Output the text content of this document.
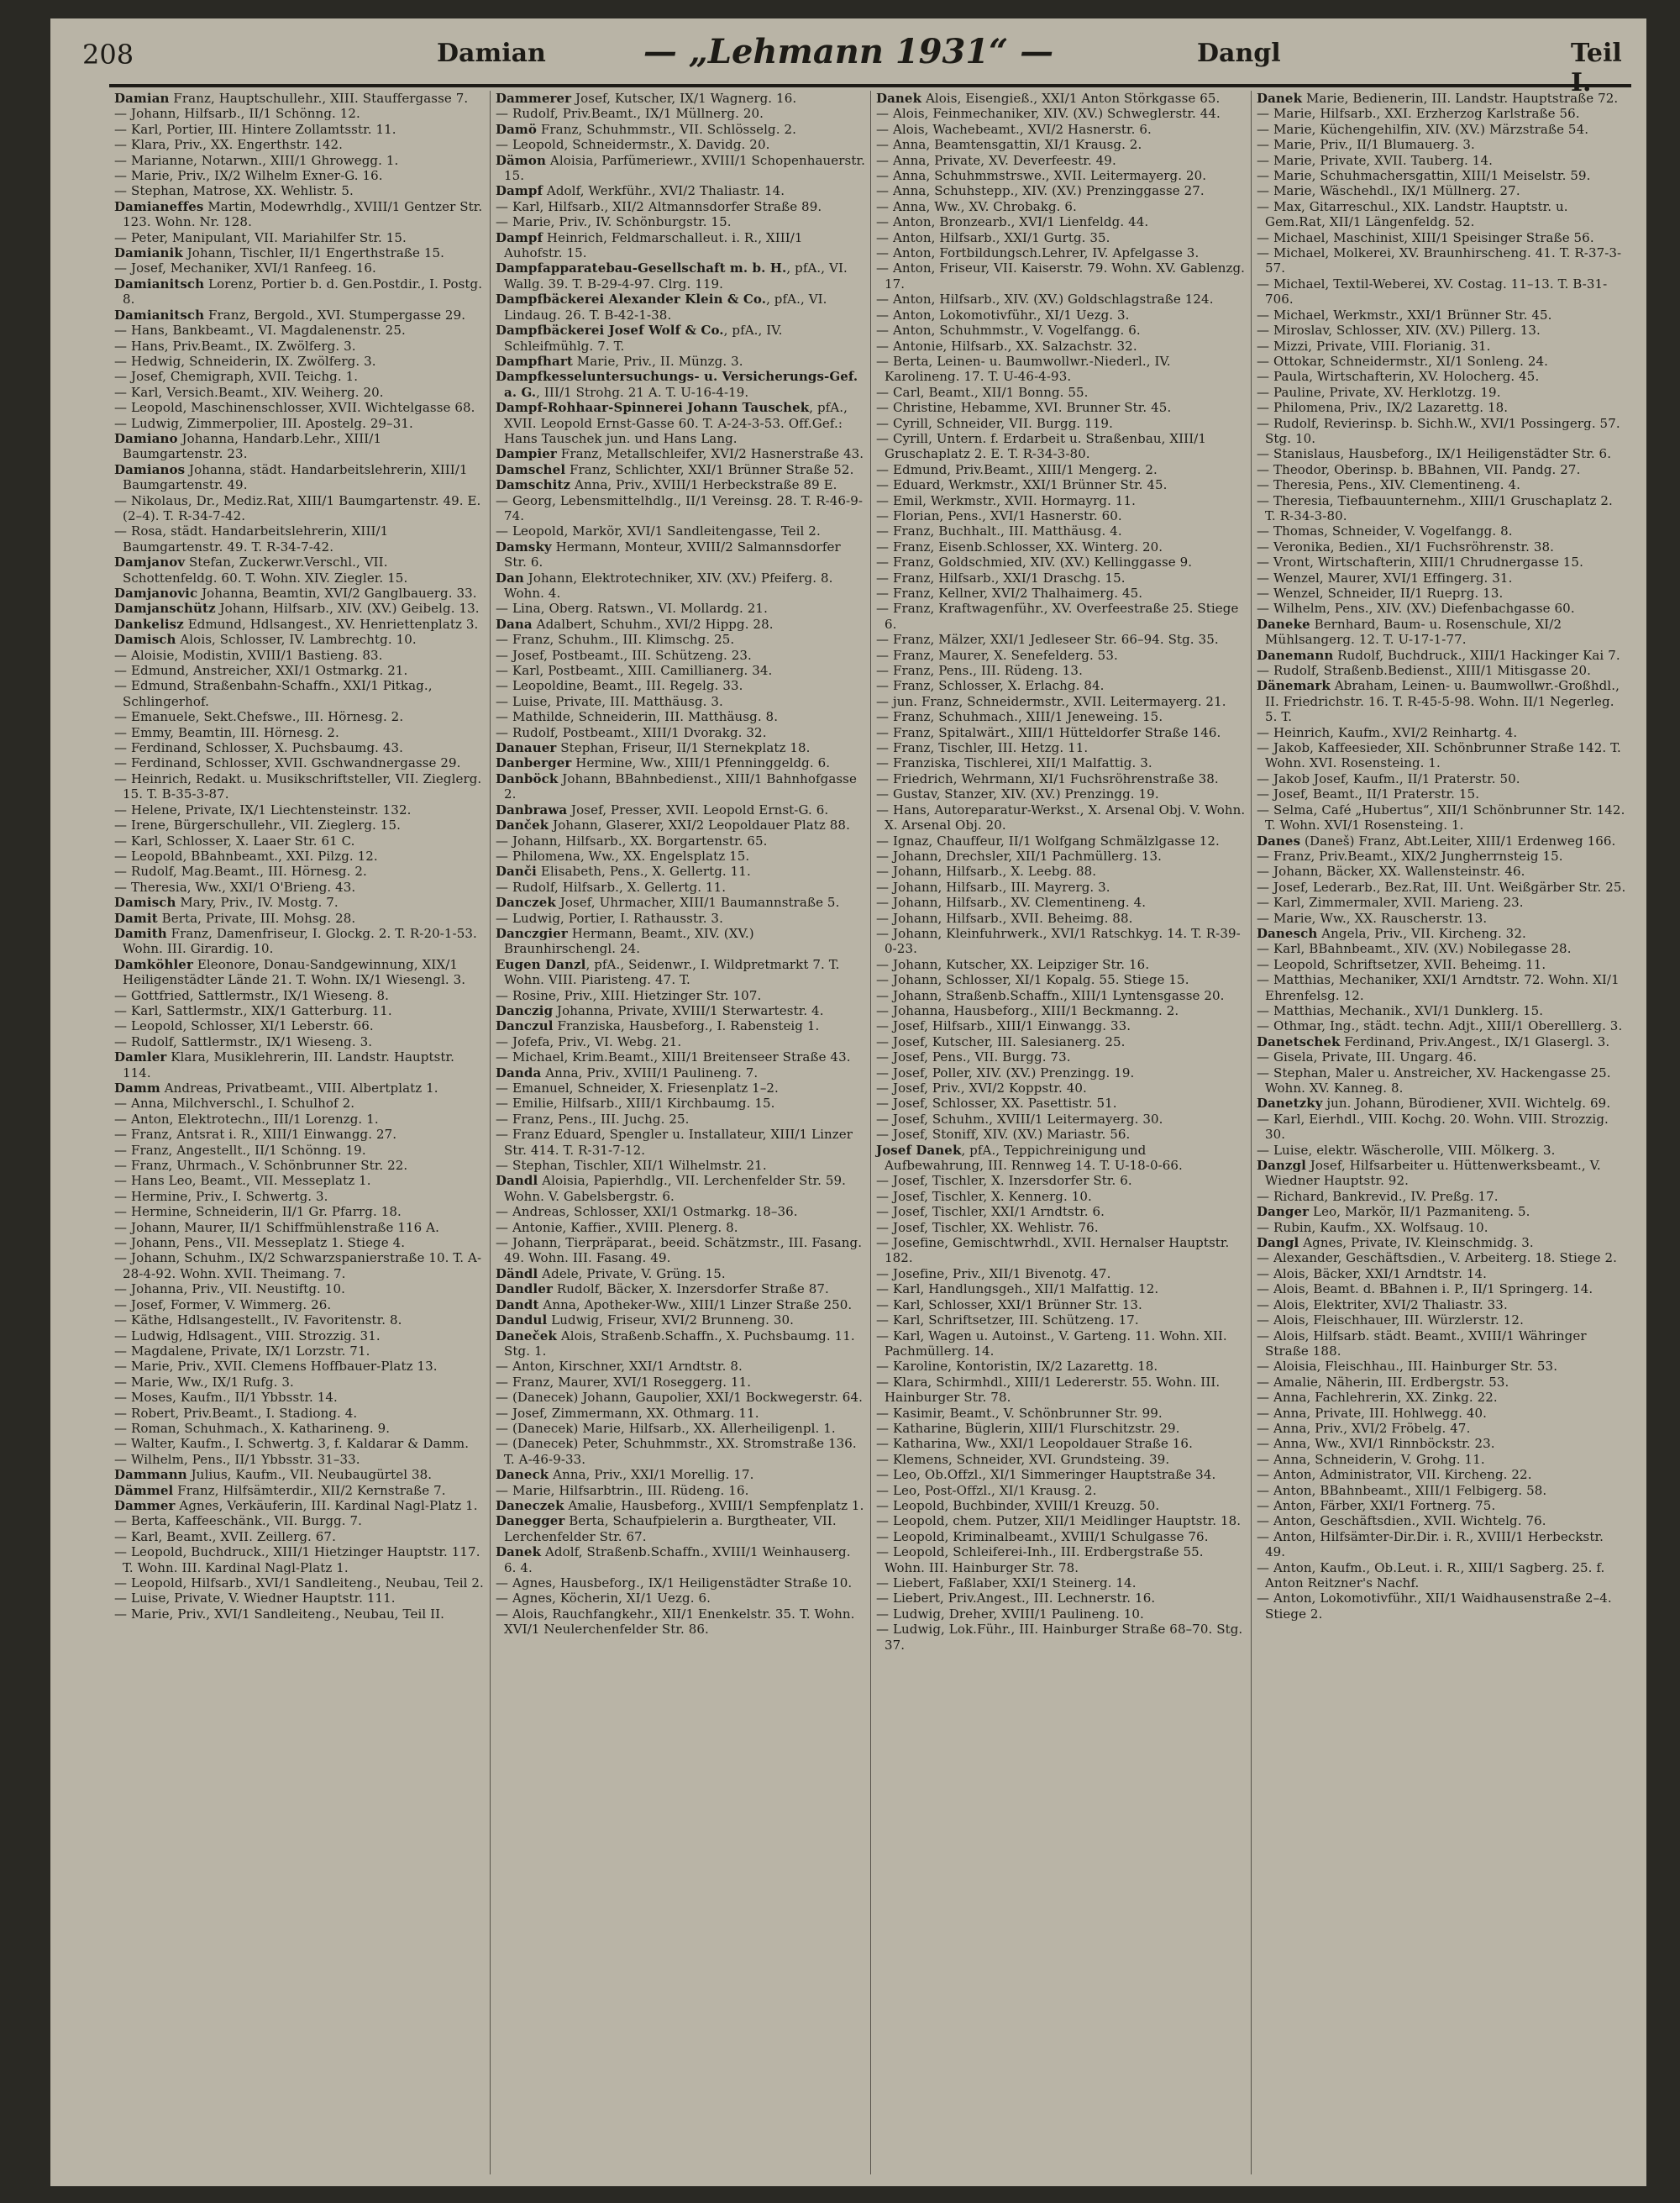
208	Damian	— „Lehmann 1931“ —	Dangl	Teil I.

Damian Franz, Hauptschullehr., XIII. Stauffergasse 7.

— Johann, Hilfsarb., II/1 Schönng. 12.

— Karl, Portier, III. Hintere Zollamtsstr. 11.

— Klara, Priv., XX. Engerthstr. 142.

— Marianne, Notarwn., XIII/1 Ghrowegg. 1.

— Marie, Priv., IX/2 Wilhelm Exner-G. 16.

— Stephan, Matrose, XX. Wehlistr. 5.

Damianeffes Martin, Modewrhdlg., XVIII/1 Gentzer Str. 123. Wohn. Nr. 128.

— Peter, Manipulant, VII. Mariahilfer Str. 15.

Damianik Johann, Tischler, II/1 Engerthstraße 15.

— Josef, Mechaniker, XVI/1 Ranfeeg. 16.

Damianitsch Lorenz, Portier b. d. Gen.Postdir., I. Postg. 8.

Damianitsch Franz, Bergold., XVI. Stumpergasse 29.

— Hans, Bankbeamt., VI. Magdalenenstr. 25.

— Hans, Priv.Beamt., IX. Zwölferg. 3.

— Hedwig, Schneiderin, IX. Zwölferg. 3.

— Josef, Chemigraph, XVII. Teichg. 1.

— Karl, Versich.Beamt., XIV. Weiherg. 20.

— Leopold, Maschinenschlosser, XVII. Wichtelgasse 68.

— Ludwig, Zimmerpolier, III. Apostelg. 29–31.

Damiano Johanna, Handarb.Lehr., XIII/1 Baumgartenstr. 23.

Damianos Johanna, städt. Handarbeitslehrerin, XIII/1 Baumgartenstr. 49.

— Nikolaus, Dr., Mediz.Rat, XIII/1 Baumgartenstr. 49. E. (2–4). T. R-34-7-42.

— Rosa, städt. Handarbeitslehrerin, XIII/1 Baumgartenstr. 49. T. R-34-7-42.

Damjanov Stefan, Zuckerwr.Verschl., VII. Schottenfeldg. 60. T. Wohn. XIV. Ziegler. 15.

Damjanovic Johanna, Beamtin, XVI/2 Ganglbauerg. 33.

Damjanschütz Johann, Hilfsarb., XIV. (XV.) Geibelg. 13.

Dankelisz Edmund, Hdlsangest., XV. Henriettenplatz 3.

Damisch Alois, Schlosser, IV. Lambrechtg. 10.

— Aloisie, Modistin, XVIII/1 Bastieng. 83.

— Edmund, Anstreicher, XXI/1 Ostmarkg. 21.

— Edmund, Straßenbahn-Schaffn., XXI/1 Pitkag., Schlingerhof.

— Emanuele, Sekt.Chefswe., III. Hörnesg. 2.

— Emmy, Beamtin, III. Hörnesg. 2.

— Ferdinand, Schlosser, X. Puchsbaumg. 43.

— Ferdinand, Schlosser, XVII. Gschwandnergasse 29.

— Heinrich, Redakt. u. Musikschriftsteller, VII. Zieglerg. 15. T. B-35-3-87.

— Helene, Private, IX/1 Liechtensteinstr. 132.

— Irene, Bürgerschullehr., VII. Zieglerg. 15.

— Karl, Schlosser, X. Laaer Str. 61 C.

— Leopold, BBahnbeamt., XXI. Pilzg. 12.

— Rudolf, Mag.Beamt., III. Hörnesg. 2.

— Theresia, Ww., XXI/1 O'Brieng. 43.

Damisch Mary, Priv., IV. Mostg. 7.

Damit Berta, Private, III. Mohsg. 28.

Damith Franz, Damenfriseur, I. Glockg. 2. T. R-20-1-53. Wohn. III. Girardig. 10.

Damköhler Eleonore, Donau-Sandgewinnung, XIX/1 Heiligenstädter Lände 21. T. Wohn. IX/1 Wiesengl. 3.

— Gottfried, Sattlermstr., IX/1 Wieseng. 8.

— Karl, Sattlermstr., XIX/1 Gatterburg. 11.

— Leopold, Schlosser, XI/1 Leberstr. 66.

— Rudolf, Sattlermstr., IX/1 Wieseng. 3.

Damler Klara, Musiklehrerin, III. Landstr. Hauptstr. 114.

Damm Andreas, Privatbeamt., VIII. Albertplatz 1.

— Anna, Milchverschl., I. Schulhof 2.

— Anton, Elektrotechn., III/1 Lorenzg. 1.

— Franz, Antsrat i. R., XIII/1 Einwangg. 27.

— Franz, Angestellt., II/1 Schönng. 19.

— Franz, Uhrmach., V. Schönbrunner Str. 22.

— Hans Leo, Beamt., VII. Messeplatz 1.

— Hermine, Priv., I. Schwertg. 3.

— Hermine, Schneiderin, II/1 Gr. Pfarrg. 18.

— Johann, Maurer, II/1 Schiffmühlenstraße 116 A.

— Johann, Pens., VII. Messeplatz 1. Stiege 4.

— Johann, Schuhm., IX/2 Schwarzspanierstraße 10. T. A-28-4-92. Wohn. XVII. Theimang. 7.

— Johanna, Priv., VII. Neustiftg. 10.

— Josef, Former, V. Wimmerg. 26.

— Käthe, Hdlsangestellt., IV. Favoritenstr. 8.

— Ludwig, Hdlsagent., VIII. Strozzig. 31.

— Magdalene, Private, IX/1 Lorzstr. 71.

— Marie, Priv., XVII. Clemens Hoffbauer-Platz 13.

— Marie, Ww., IX/1 Rufg. 3.

— Moses, Kaufm., II/1 Ybbsstr. 14.

— Robert, Priv.Beamt., I. Stadiong. 4.

— Roman, Schuhmach., X. Katharineng. 9.

— Walter, Kaufm., I. Schwertg. 3, f. Kaldarar & Damm.

— Wilhelm, Pens., II/1 Ybbsstr. 31–33.

Dammann Julius, Kaufm., VII. Neubaugürtel 38.

Dämmel Franz, Hilfsämterdir., XII/2 Kernstraße 7.

Dammer Agnes, Verkäuferin, III. Kardinal Nagl-Platz 1.

— Berta, Kaffeeschänk., VII. Burgg. 7.

— Karl, Beamt., XVII. Zeillerg. 67.

— Leopold, Buchdruck., XIII/1 Hietzinger Hauptstr. 117. T. Wohn. III. Kardinal Nagl-Platz 1.

— Leopold, Hilfsarb., XVI/1 Sandleiteng., Neubau, Teil 2.

— Luise, Private, V. Wiedner Hauptstr. 111.

— Marie, Priv., XVI/1 Sandleiteng., Neubau, Teil II.

Dammerer Josef, Kutscher, IX/1 Wagnerg. 16.

— Rudolf, Priv.Beamt., IX/1 Müllnerg. 20.

Damö Franz, Schuhmmstr., VII. Schlösselg. 2.

— Leopold, Schneidermstr., X. Davidg. 20.

Dämon Aloisia, Parfümeriewr., XVIII/1 Schopenhauerstr. 15.

Dampf Adolf, Werkführ., XVI/2 Thaliastr. 14.

— Karl, Hilfsarb., XII/2 Altmannsdorfer Straße 89.

— Marie, Priv., IV. Schönburgstr. 15.

Dampf Heinrich, Feldmarschalleut. i. R., XIII/1 Auhofstr. 15.

Dampfapparatebau-Gesellschaft m. b. H., pfA., VI. Wallg. 39. T. B-29-4-97. Clrg. 119.

Dampfbäckerei Alexander Klein & Co., pfA., VI. Lindaug. 26. T. B-42-1-38.

Dampfbäckerei Josef Wolf & Co., pfA., IV. Schleifmühlg. 7. T.

Dampfhart Marie, Priv., II. Münzg. 3.

Dampfkesseluntersuchungs- u. Versicherungs-Gef. a. G., III/1 Strohg. 21 A. T. U-16-4-19.

Dampf-Rohhaar-Spinnerei Johann Tauschek, pfA., XVII. Leopold Ernst-Gasse 60. T. A-24-3-53. Off.Gef.: Hans Tauschek jun. und Hans Lang.

Dampier Franz, Metallschleifer, XVI/2 Hasnerstraße 43.

Damschel Franz, Schlichter, XXI/1 Brünner Straße 52.

Damschitz Anna, Priv., XVIII/1 Herbeckstraße 89 E.

— Georg, Lebensmittelhdlg., II/1 Vereinsg. 28. T. R-46-9-74.

— Leopold, Markör, XVI/1 Sandleitengasse, Teil 2.

Damsky Hermann, Monteur, XVIII/2 Salmannsdorfer Str. 6.

Dan Johann, Elektrotechniker, XIV. (XV.) Pfeiferg. 8. Wohn. 4.

— Lina, Oberg. Ratswn., VI. Mollardg. 21.

Dana Adalbert, Schuhm., XVI/2 Hippg. 28.

— Franz, Schuhm., III. Klimschg. 25.

— Josef, Postbeamt., III. Schützeng. 23.

— Karl, Postbeamt., XIII. Camillianerg. 34.

— Leopoldine, Beamt., III. Regelg. 33.

— Luise, Private, III. Matthäusg. 3.

— Mathilde, Schneiderin, III. Matthäusg. 8.

— Rudolf, Postbeamt., XIII/1 Dvorakg. 32.

Danauer Stephan, Friseur, II/1 Sternekplatz 18.

Danberger Hermine, Ww., XIII/1 Pfenninggeldg. 6.

Danböck Johann, BBahnbedienst., XIII/1 Bahnhofgasse 2.

Danbrawa Josef, Presser, XVII. Leopold Ernst-G. 6.

Danček Johann, Glaserer, XXI/2 Leopoldauer Platz 88.

— Johann, Hilfsarb., XX. Borgartenstr. 65.

— Philomena, Ww., XX. Engelsplatz 15.

Danči Elisabeth, Pens., X. Gellertg. 11.

— Rudolf, Hilfsarb., X. Gellertg. 11.

Danczek Josef, Uhrmacher, XIII/1 Baumannstraße 5.

— Ludwig, Portier, I. Rathausstr. 3.

Danczgier Hermann, Beamt., XIV. (XV.) Braunhirschengl. 24.

Eugen Danzl, pfA., Seidenwr., I. Wildpretmarkt 7. T. Wohn. VIII. Piaristeng. 47. T.

— Rosine, Priv., XIII. Hietzinger Str. 107.

Danczig Johanna, Private, XVIII/1 Sterwartestr. 4.

Danczul Franziska, Hausbeforg., I. Rabensteig 1.

— Jofefa, Priv., VI. Webg. 21.

— Michael, Krim.Beamt., XIII/1 Breitenseer Straße 43.

Danda Anna, Priv., XVIII/1 Paulineng. 7.

— Emanuel, Schneider, X. Friesenplatz 1–2.

— Emilie, Hilfsarb., XIII/1 Kirchbaumg. 15.

— Franz, Pens., III. Juchg. 25.

— Franz Eduard, Spengler u. Installateur, XIII/1 Linzer Str. 414. T. R-31-7-12.

— Stephan, Tischler, XII/1 Wilhelmstr. 21.

Dandl Aloisia, Papierhdlg., VII. Lerchenfelder Str. 59. Wohn. V. Gabelsbergstr. 6.

— Andreas, Schlosser, XXI/1 Ostmarkg. 18–36.

— Antonie, Kaffier., XVIII. Plenerg. 8.

— Johann, Tierpräparat., beeid. Schätzmstr., III. Fasang. 49. Wohn. III. Fasang. 49.

Dändl Adele, Private, V. Grüng. 15.

Dandler Rudolf, Bäcker, X. Inzersdorfer Straße 87.

Dandt Anna, Apotheker-Ww., XIII/1 Linzer Straße 250.

Dandul Ludwig, Friseur, XVI/2 Brunneng. 30.

Daneček Alois, Straßenb.Schaffn., X. Puchsbaumg. 11. Stg. 1.

— Anton, Kirschner, XXI/1 Arndtstr. 8.

— Franz, Maurer, XVI/1 Roseggerg. 11.

— (Danecek) Johann, Gaupolier, XXI/1 Bockwegerstr. 64.

— Josef, Zimmermann, XX. Othmarg. 11.

— (Danecek) Marie, Hilfsarb., XX. Allerheiligenpl. 1.

— (Danecek) Peter, Schuhmmstr., XX. Stromstraße 136. T. A-46-9-33.

Daneck Anna, Priv., XXI/1 Morellig. 17.

— Marie, Hilfsarbtrin., III. Rüdeng. 16.

Daneczek Amalie, Hausbeforg., XVIII/1 Sempfenplatz 1.

Danegger Berta, Schaufpielerin a. Burgtheater, VII. Lerchenfelder Str. 67.

Danek Adolf, Straßenb.Schaffn., XVIII/1 Weinhauserg. 6. 4.

— Agnes, Hausbeforg., IX/1 Heiligenstädter Straße 10.

— Agnes, Köcherin, XI/1 Uezg. 6.

— Alois, Rauchfangkehr., XII/1 Enenkelstr. 35. T. Wohn. XVI/1 Neulerchenfelder Str. 86.

Danek Alois, Eisengieß., XXI/1 Anton Störkgasse 65.

— Alois, Feinmechaniker, XIV. (XV.) Schweglerstr. 44.

— Alois, Wachebeamt., XVI/2 Hasnerstr. 6.

— Anna, Beamtensgattin, XI/1 Krausg. 2.

— Anna, Private, XV. Deverfeestr. 49.

— Anna, Schuhmmstrswe., XVII. Leitermayerg. 20.

— Anna, Schuhstepp., XIV. (XV.) Prenzinggasse 27.

— Anna, Ww., XV. Chrobakg. 6.

— Anton, Bronzearb., XVI/1 Lienfeldg. 44.

— Anton, Hilfsarb., XXI/1 Gurtg. 35.

— Anton, Fortbildungsch.Lehrer, IV. Apfelgasse 3.

— Anton, Friseur, VII. Kaiserstr. 79. Wohn. XV. Gablenzg. 17.

— Anton, Hilfsarb., XIV. (XV.) Goldschlagstraße 124.

— Anton, Lokomotivführ., XI/1 Uezg. 3.

— Anton, Schuhmmstr., V. Vogelfangg. 6.

— Antonie, Hilfsarb., XX. Salzachstr. 32.

— Berta, Leinen- u. Baumwollwr.-Niederl., IV. Karolineng. 17. T. U-46-4-93.

— Carl, Beamt., XII/1 Bonng. 55.

— Christine, Hebamme, XVI. Brunner Str. 45.

— Cyrill, Schneider, VII. Burgg. 119.

— Cyrill, Untern. f. Erdarbeit u. Straßenbau, XIII/1 Gruschaplatz 2. E. T. R-34-3-80.

— Edmund, Priv.Beamt., XIII/1 Mengerg. 2.

— Eduard, Werkmstr., XXI/1 Brünner Str. 45.

— Emil, Werkmstr., XVII. Hormayrg. 11.

— Florian, Pens., XVI/1 Hasnerstr. 60.

— Franz, Buchhalt., III. Matthäusg. 4.

— Franz, Eisenb.Schlosser, XX. Winterg. 20.

— Franz, Goldschmied, XIV. (XV.) Kellinggasse 9.

— Franz, Hilfsarb., XXI/1 Draschg. 15.

— Franz, Kellner, XVI/2 Thalhaimerg. 45.

— Franz, Kraftwagenführ., XV. Overfeestraße 25. Stiege 6.

— Franz, Mälzer, XXI/1 Jedleseer Str. 66–94. Stg. 35.

— Franz, Maurer, X. Senefelderg. 53.

— Franz, Pens., III. Rüdeng. 13.

— Franz, Schlosser, X. Erlachg. 84.

— jun. Franz, Schneidermstr., XVII. Leitermayerg. 21.

— Franz, Schuhmach., XIII/1 Jeneweing. 15.

— Franz, Spitalwärt., XIII/1 Hütteldorfer Straße 146.

— Franz, Tischler, III. Hetzg. 11.

— Franziska, Tischlerei, XII/1 Malfattig. 3.

— Friedrich, Wehrmann, XI/1 Fuchsröhrenstraße 38.

— Gustav, Stanzer, XIV. (XV.) Prenzingg. 19.

— Hans, Autoreparatur-Werkst., X. Arsenal Obj. V. Wohn. X. Arsenal Obj. 20.

— Ignaz, Chauffeur, II/1 Wolfgang Schmälzlgasse 12.

— Johann, Drechsler, XII/1 Pachmüllerg. 13.

— Johann, Hilfsarb., X. Leebg. 88.

— Johann, Hilfsarb., III. Mayrerg. 3.

— Johann, Hilfsarb., XV. Clementineng. 4.

— Johann, Hilfsarb., XVII. Beheimg. 88.

— Johann, Kleinfuhrwerk., XVI/1 Ratschkyg. 14. T. R-39-0-23.

— Johann, Kutscher, XX. Leipziger Str. 16.

— Johann, Schlosser, XI/1 Kopalg. 55. Stiege 15.

— Johann, Straßenb.Schaffn., XIII/1 Lyntensgasse 20.

— Johanna, Hausbeforg., XIII/1 Beckmanng. 2.

— Josef, Hilfsarb., XIII/1 Einwangg. 33.

— Josef, Kutscher, III. Salesianerg. 25.

— Josef, Pens., VII. Burgg. 73.

— Josef, Poller, XIV. (XV.) Prenzingg. 19.

— Josef, Priv., XVI/2 Koppstr. 40.

— Josef, Schlosser, XX. Pasettistr. 51.

— Josef, Schuhm., XVIII/1 Leitermayerg. 30.

— Josef, Stoniff, XIV. (XV.) Mariastr. 56.

Josef Danek, pfA., Teppichreinigung und Aufbewahrung, III. Rennweg 14. T. U-18-0-66.

— Josef, Tischler, X. Inzersdorfer Str. 6.

— Josef, Tischler, X. Kennerg. 10.

— Josef, Tischler, XXI/1 Arndtstr. 6.

— Josef, Tischler, XX. Wehlistr. 76.

— Josefine, Gemischtwrhdl., XVII. Hernalser Hauptstr. 182.

— Josefine, Priv., XII/1 Bivenotg. 47.

— Karl, Handlungsgeh., XII/1 Malfattig. 12.

— Karl, Schlosser, XXI/1 Brünner Str. 13.

— Karl, Schriftsetzer, III. Schützeng. 17.

— Karl, Wagen u. Autoinst., V. Garteng. 11. Wohn. XII. Pachmüllerg. 14.

— Karoline, Kontoristin, IX/2 Lazarettg. 18.

— Klara, Schirmhdl., XIII/1 Ledererstr. 55. Wohn. III. Hainburger Str. 78.

— Kasimir, Beamt., V. Schönbrunner Str. 99.

— Katharine, Büglerin, XIII/1 Flurschitzstr. 29.

— Katharina, Ww., XXI/1 Leopoldauer Straße 16.

— Klemens, Schneider, XVI. Grundsteing. 39.

— Leo, Ob.Offzl., XI/1 Simmeringer Hauptstraße 34.

— Leo, Post-Offzl., XI/1 Krausg. 2.

— Leopold, Buchbinder, XVIII/1 Kreuzg. 50.

— Leopold, chem. Putzer, XII/1 Meidlinger Hauptstr. 18.

— Leopold, Kriminalbeamt., XVIII/1 Schulgasse 76.

— Leopold, Schleiferei-Inh., III. Erdbergstraße 55. Wohn. III. Hainburger Str. 78.

— Liebert, Faßlaber, XXI/1 Steinerg. 14.

— Liebert, Priv.Angest., III. Lechnerstr. 16.

— Ludwig, Dreher, XVIII/1 Paulineng. 10.

— Ludwig, Lok.Führ., III. Hainburger Straße 68–70. Stg. 37.

Danek Marie, Bedienerin, III. Landstr. Hauptstraße 72.

— Marie, Hilfsarb., XXI. Erzherzog Karlstraße 56.

— Marie, Küchengehilfin, XIV. (XV.) Märzstraße 54.

— Marie, Priv., II/1 Blumauerg. 3.

— Marie, Private, XVII. Tauberg. 14.

— Marie, Schuhmachersgattin, XIII/1 Meiselstr. 59.

— Marie, Wäschehdl., IX/1 Müllnerg. 27.

— Max, Gitarreschul., XIX. Landstr. Hauptstr. u. Gem.Rat, XII/1 Längenfeldg. 52.

— Michael, Maschinist, XIII/1 Speisinger Straße 56.

— Michael, Molkerei, XV. Braunhirscheng. 41. T. R-37-3-57.

— Michael, Textil-Weberei, XV. Costag. 11–13. T. B-31-706.

— Michael, Werkmstr., XXI/1 Brünner Str. 45.

— Miroslav, Schlosser, XIV. (XV.) Pillerg. 13.

— Mizzi, Private, VIII. Florianig. 31.

— Ottokar, Schneidermstr., XI/1 Sonleng. 24.

— Paula, Wirtschafterin, XV. Holocherg. 45.

— Pauline, Private, XV. Herklotzg. 19.

— Philomena, Priv., IX/2 Lazarettg. 18.

— Rudolf, Revierinsp. b. Sichh.W., XVI/1 Possingerg. 57. Stg. 10.

— Stanislaus, Hausbeforg., IX/1 Heiligenstädter Str. 6.

— Theodor, Oberinsp. b. BBahnen, VII. Pandg. 27.

— Theresia, Pens., XIV. Clementineng. 4.

— Theresia, Tiefbauunternehm., XIII/1 Gruschaplatz 2. T. R-34-3-80.

— Thomas, Schneider, V. Vogelfangg. 8.

— Veronika, Bedien., XI/1 Fuchsröhrenstr. 38.

— Vront, Wirtschafterin, XIII/1 Chrudnergasse 15.

— Wenzel, Maurer, XVI/1 Effingerg. 31.

— Wenzel, Schneider, II/1 Rueprg. 13.

— Wilhelm, Pens., XIV. (XV.) Diefenbachgasse 60.

Daneke Bernhard, Baum- u. Rosenschule, XI/2 Mühlsangerg. 12. T. U-17-1-77.

Danemann Rudolf, Buchdruck., XIII/1 Hackinger Kai 7.

— Rudolf, Straßenb.Bedienst., XIII/1 Mitisgasse 20.

Dänemark Abraham, Leinen- u. Baumwollwr.-Großhdl., II. Friedrichstr. 16. T. R-45-5-98. Wohn. II/1 Negerleg. 5. T.

— Heinrich, Kaufm., XVI/2 Reinhartg. 4.

— Jakob, Kaffeesieder, XII. Schönbrunner Straße 142. T. Wohn. XVI. Rosensteing. 1.

— Jakob Josef, Kaufm., II/1 Praterstr. 50.

— Josef, Beamt., II/1 Praterstr. 15.

— Selma, Café „Hubertus“, XII/1 Schönbrunner Str. 142. T. Wohn. XVI/1 Rosensteing. 1.

Danes (Daneš) Franz, Abt.Leiter, XIII/1 Erdenweg 166.

— Franz, Priv.Beamt., XIX/2 Jungherrnsteig 15.

— Johann, Bäcker, XX. Wallensteinstr. 46.

— Josef, Lederarb., Bez.Rat, III. Unt. Weißgärber Str. 25.

— Karl, Zimmermaler, XVII. Marieng. 23.

— Marie, Ww., XX. Rauscherstr. 13.

Danesch Angela, Priv., VII. Kircheng. 32.

— Karl, BBahnbeamt., XIV. (XV.) Nobilegasse 28.

— Leopold, Schriftsetzer, XVII. Beheimg. 11.

— Matthias, Mechaniker, XXI/1 Arndtstr. 72. Wohn. XI/1 Ehrenfelsg. 12.

— Matthias, Mechanik., XVI/1 Dunklerg. 15.

— Othmar, Ing., städt. techn. Adjt., XIII/1 Oberelllerg. 3.

Danetschek Ferdinand, Priv.Angest., IX/1 Glasergl. 3.

— Gisela, Private, III. Ungarg. 46.

— Stephan, Maler u. Anstreicher, XV. Hackengasse 25. Wohn. XV. Kanneg. 8.

Danetzky jun. Johann, Bürodiener, XVII. Wichtelg. 69.

— Karl, Eierhdl., VIII. Kochg. 20. Wohn. VIII. Strozzig. 30.

— Luise, elektr. Wäscherolle, VIII. Mölkerg. 3.

Danzgl Josef, Hilfsarbeiter u. Hüttenwerksbeamt., V. Wiedner Hauptstr. 92.

— Richard, Bankrevid., IV. Preßg. 17.

Danger Leo, Markör, II/1 Pazmaniteng. 5.

— Rubin, Kaufm., XX. Wolfsaug. 10.

Dangl Agnes, Private, IV. Kleinschmidg. 3.

— Alexander, Geschäftsdien., V. Arbeiterg. 18. Stiege 2.

— Alois, Bäcker, XXI/1 Arndtstr. 14.

— Alois, Beamt. d. BBahnen i. P., II/1 Springerg. 14.

— Alois, Elektriter, XVI/2 Thaliastr. 33.

— Alois, Fleischhauer, III. Würzlerstr. 12.

— Alois, Hilfsarb. städt. Beamt., XVIII/1 Währinger Straße 188.

— Aloisia, Fleischhau., III. Hainburger Str. 53.

— Amalie, Näherin, III. Erdbergstr. 53.

— Anna, Fachlehrerin, XX. Zinkg. 22.

— Anna, Private, III. Hohlwegg. 40.

— Anna, Priv., XVI/2 Fröbelg. 47.

— Anna, Ww., XVI/1 Rinnböckstr. 23.

— Anna, Schneiderin, V. Grohg. 11.

— Anton, Administrator, VII. Kircheng. 22.

— Anton, BBahnbeamt., XIII/1 Felbigerg. 58.

— Anton, Färber, XXI/1 Fortnerg. 75.

— Anton, Geschäftsdien., XVII. Wichtelg. 76.

— Anton, Hilfsämter-Dir.Dir. i. R., XVIII/1 Herbeckstr. 49.

— Anton, Kaufm., Ob.Leut. i. R., XIII/1 Sagberg. 25. f. Anton Reitzner's Nachf.

— Anton, Lokomotivführ., XII/1 Waidhausenstraße 2–4. Stiege 2.
